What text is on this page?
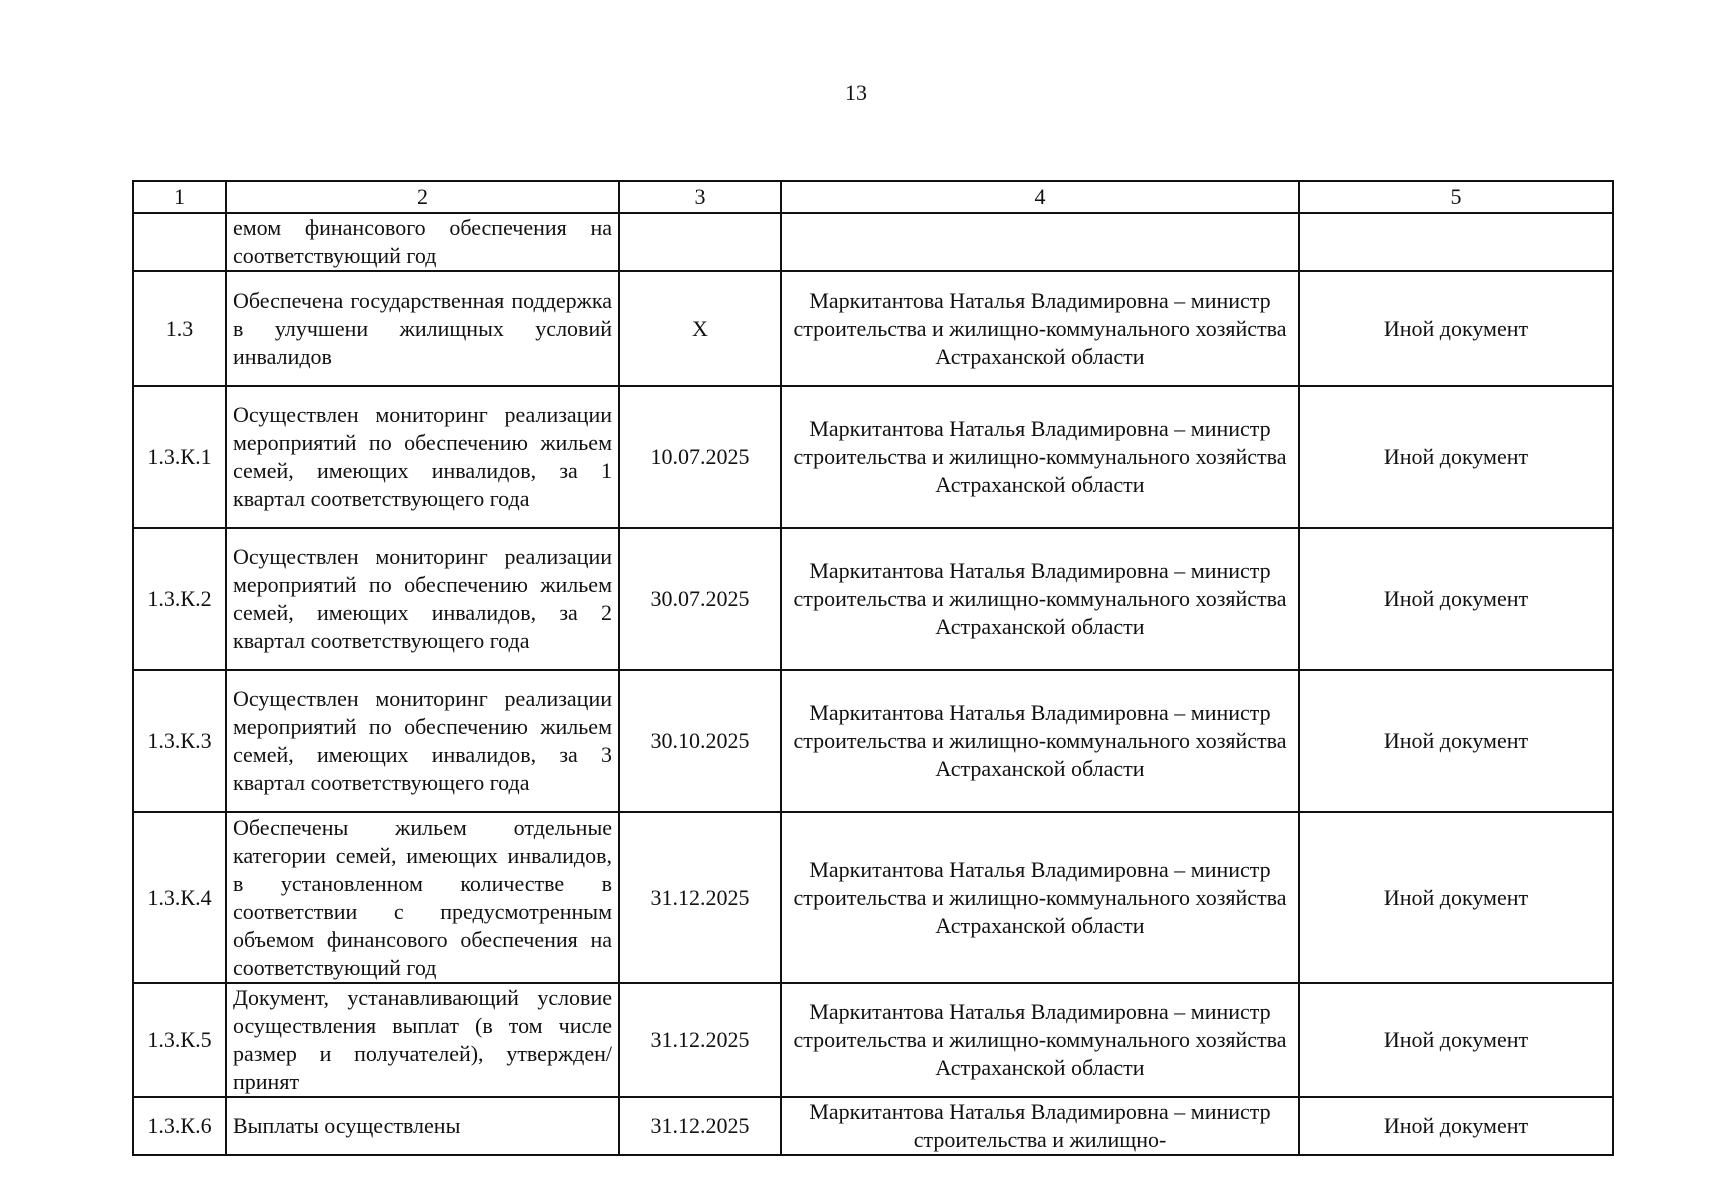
13
1	2	3	4	5
	емом финансового обеспечения на соответствующий год			
1.3	Обеспечена государственная поддержка в улучшени жилищных условий инвалидов	X	Маркитантова Наталья Владимировна – министр строительства и жилищно-коммунального хозяйства Астраханской области	Иной документ
1.3.К.1	Осуществлен мониторинг реализации мероприятий по обеспечению жильем семей, имеющих инвалидов, за 1 квартал соответствующего года	10.07.2025	Маркитантова Наталья Владимировна – министр строительства и жилищно-коммунального хозяйства Астраханской области	Иной документ
1.3.К.2	Осуществлен мониторинг реализации мероприятий по обеспечению жильем семей, имеющих инвалидов, за 2 квартал соответствующего года	30.07.2025	Маркитантова Наталья Владимировна – министр строительства и жилищно-коммунального хозяйства Астраханской области	Иной документ
1.3.К.3	Осуществлен мониторинг реализации мероприятий по обеспечению жильем семей, имеющих инвалидов, за 3 квартал соответствующего года	30.10.2025	Маркитантова Наталья Владимировна – министр строительства и жилищно-коммунального хозяйства Астраханской области	Иной документ
1.3.К.4	Обеспечены жильем отдельные категории семей, имеющих инвалидов, в установленном количестве в соответствии с предусмотренным объемом финансового обеспечения на соответствующий год	31.12.2025	Маркитантова Наталья Владимировна – министр строительства и жилищно-коммунального хозяйства Астраханской области	Иной документ
1.3.К.5	Документ, устанавливающий условие осуществления выплат (в том числе размер и получателей), утвержден/принят	31.12.2025	Маркитантова Наталья Владимировна – министр строительства и жилищно-коммунального хозяйства Астраханской области	Иной документ
1.3.К.6	Выплаты осуществлены	31.12.2025	Маркитантова Наталья Владимировна – министр строительства и жилищно-	Иной документ
